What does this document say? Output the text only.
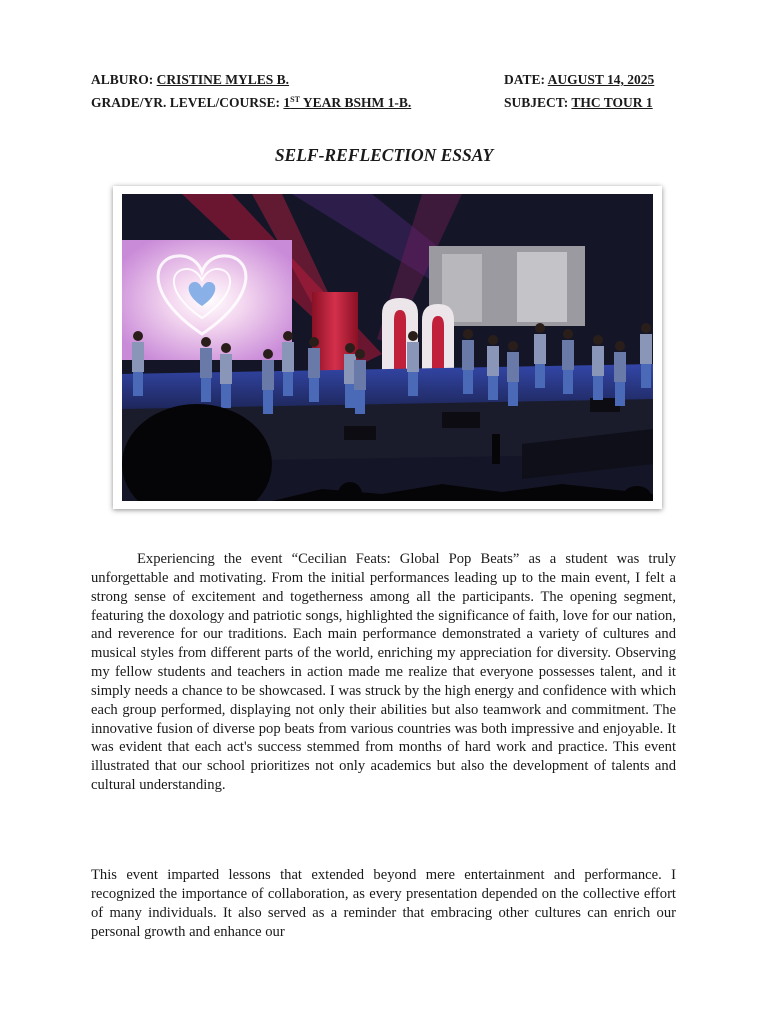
ALBURO: CRISTINE MYLES B.	DATE: AUGUST 14, 2025
GRADE/YR. LEVEL/COURSE: 1ST YEAR BSHM 1-B.	SUBJECT: THC TOUR 1
SELF-REFLECTION ESSAY

Experiencing the event “Cecilian Feats: Global Pop Beats” as a student was truly unforgettable and motivating. From the initial performances leading up to the main event, I felt a strong sense of excitement and togetherness among all the participants. The opening segment, featuring the doxology and patriotic songs, highlighted the significance of faith, love for our nation, and reverence for our traditions. Each main performance demonstrated a variety of cultures and musical styles from different parts of the world, enriching my appreciation for diversity. Observing my fellow students and teachers in action made me realize that everyone possesses talent, and it simply needs a chance to be showcased. I was struck by the high energy and confidence with which each group performed, displaying not only their abilities but also teamwork and commitment. The innovative fusion of diverse pop beats from various countries was both impressive and enjoyable. It was evident that each act's success stemmed from months of hard work and practice. This event illustrated that our school prioritizes not only academics but also the development of talents and cultural understanding.

This event imparted lessons that extended beyond mere entertainment and performance. I recognized the importance of collaboration, as every presentation depended on the collective effort of many individuals. It also served as a reminder that embracing other cultures can enrich our personal growth and enhance our
